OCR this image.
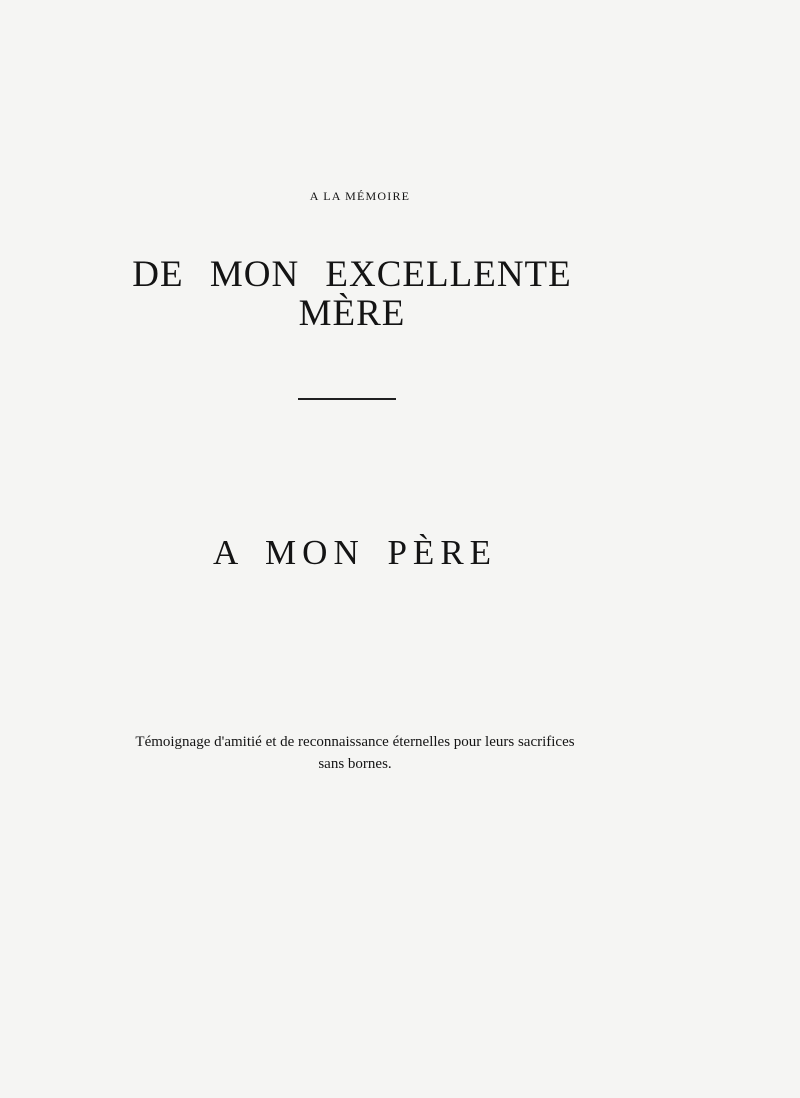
A LA MÉMOIRE
DE MON EXCELLENTE MÈRE
A MON PÈRE
Témoignage d'amitié et de reconnaissance éternelles pour leurs sacrifices
sans bornes.
